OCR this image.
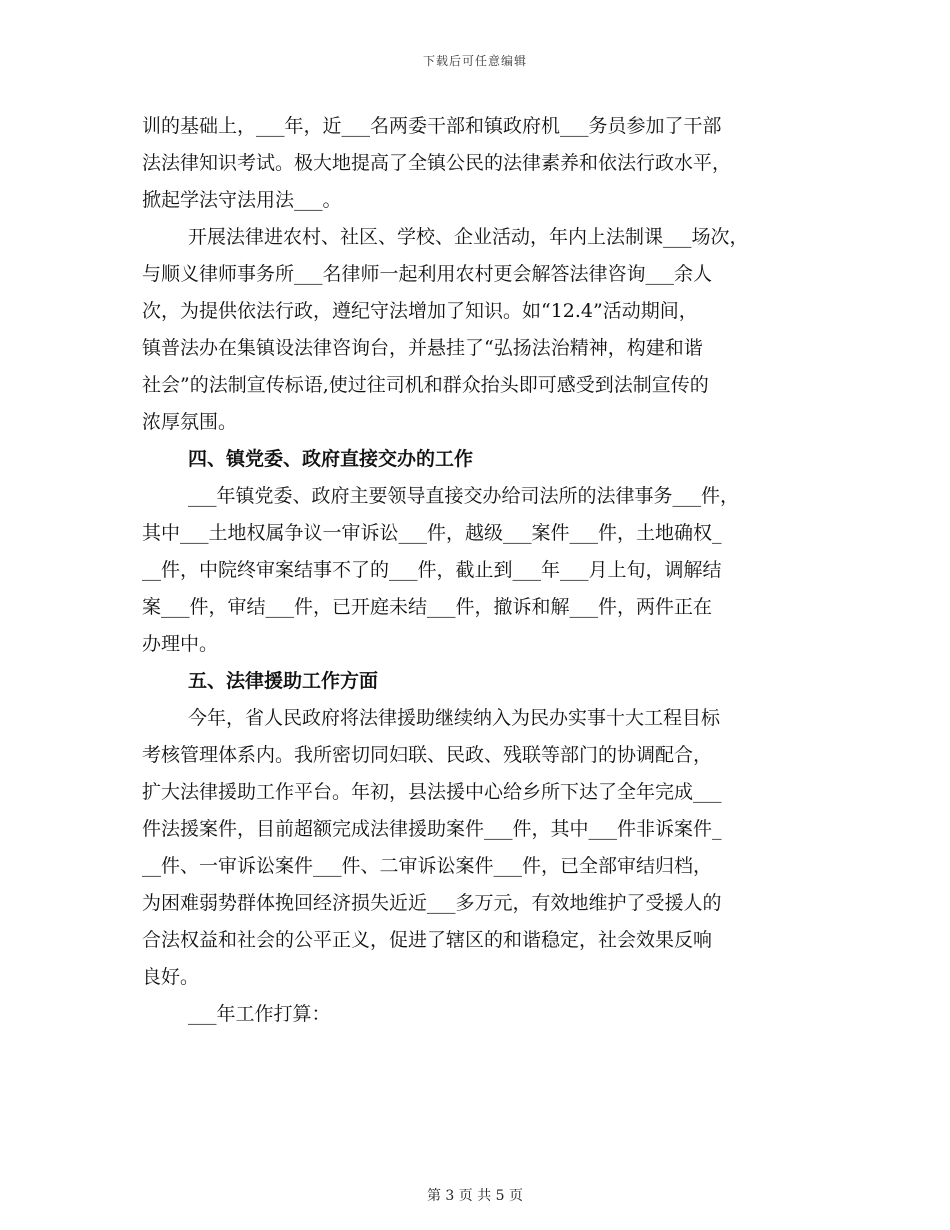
下载后可任意编辑
训的基础上，___年，近___名两委干部和镇政府机___务员参加了干部
法法律知识考试。极大地提高了全镇公民的法律素养和依法行政水平，
掀起学法守法用法___。
开展法律进农村、社区、学校、企业活动，年内上法制课___场次，
与顺义律师事务所___名律师一起利用农村更会解答法律咨询___余人
次，为提供依法行政，遵纪守法增加了知识。如“12.4”活动期间，
镇普法办在集镇设法律咨询台，并悬挂了“弘扬法治精神，构建和谐
社会”的法制宣传标语,使过往司机和群众抬头即可感受到法制宣传的
浓厚氛围。
四、镇党委、政府直接交办的工作
___年镇党委、政府主要领导直接交办给司法所的法律事务___件，
其中___土地权属争议一审诉讼___件，越级___案件___件，土地确权_
__件，中院终审案结事不了的___件，截止到___年___月上旬，调解结
案___件，审结___件，已开庭未结___件，撤诉和解___件，两件正在
办理中。
五、法律援助工作方面
今年，省人民政府将法律援助继续纳入为民办实事十大工程目标
考核管理体系内。我所密切同妇联、民政、残联等部门的协调配合，
扩大法律援助工作平台。年初，县法援中心给乡所下达了全年完成___
件法援案件，目前超额完成法律援助案件___件，其中___件非诉案件_
__件、一审诉讼案件___件、二审诉讼案件___件，已全部审结归档，
为困难弱势群体挽回经济损失近近___多万元，有效地维护了受援人的
合法权益和社会的公平正义，促进了辖区的和谐稳定，社会效果反响
良好。
___年工作打算：
第 3 页 共 5 页
